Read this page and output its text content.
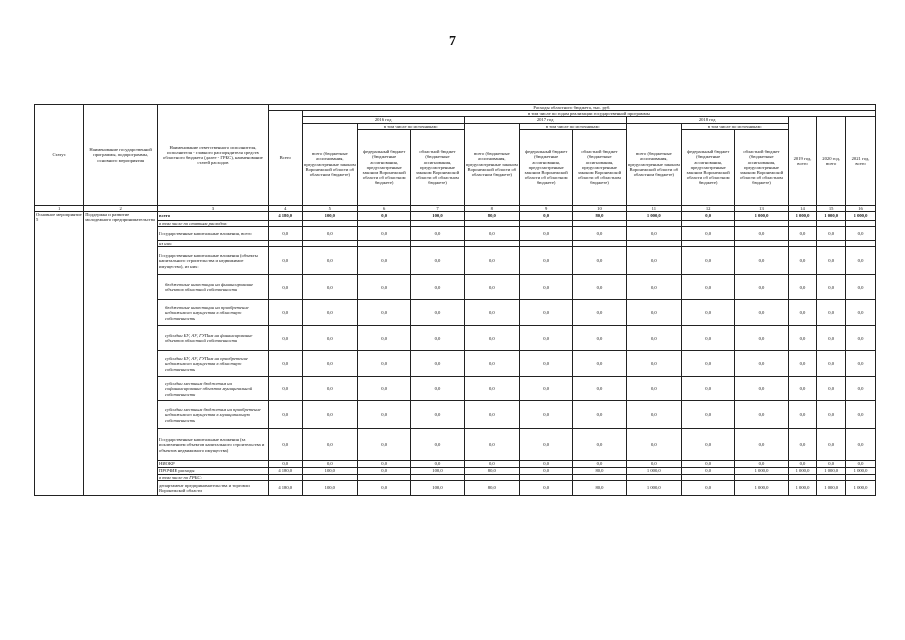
7
Статус	Наименование государственной программы, подпрограммы, основного мероприятия	Наименование ответственного исполнителя, исполнителя - главного распорядителя средств областного бюджета (далее - ГРБС), наименование статей расходов	Расходы областного бюджета, тыс. руб.												
			Всего	в том числе по годам реализации государственной программы											
				2016 год			2017 год			2018 год			2019 год, всего	2020 год, всего	2021 год, всего
				всего (бюджетные ассигнования, предусмотренные законом Воронежской области об областном бюджете)	в том числе по источникам:		всего (бюджетные ассигнования, предусмотренные законом Воронежской области об областном бюджете)	в том числе по источникам:		всего (бюджетные ассигнования, предусмотренные законом Воронежской области об областном бюджете)	в том числе по источникам:				
					федеральный бюджет (бюджетные ассигнования, предусмотренные законом Воронежской области об областном бюджете)	областной бюджет (бюджетные ассигнования, предусмотренные законом Воронежской области об областном бюджете)		федеральный бюджет (бюджетные ассигнования, предусмотренные законом Воронежской области об областном бюджете)	областной бюджет (бюджетные ассигнования, предусмотренные законом Воронежской области об областном бюджете)		федеральный бюджет (бюджетные ассигнования, предусмотренные законом Воронежской области об областном бюджете)	областной бюджет (бюджетные ассигнования, предусмотренные законом Воронежской области об областном бюджете)			
1	2	3	4	5	6	7	8	9	10	11	12	13	14	15	16
Основное мероприятие 5	Поддержка и развитие молодежного предпринимательства	всего	4 180,0	100,0	0,0	100,0	80,0	0,0	80,0	1 000,0	0,0	1 000,0	1 000,0	1 000,0	1 000,0
		в том числе по статьям расходов:													
		Государственные капитальные вложения, всего	0,0	0,0	0,0	0,0	0,0	0,0	0,0	0,0	0,0	0,0	0,0	0,0	0,0
		из них:													
		Государственные капитальные вложения (объекты капитального строительства и недвижимое имущество), из них:	0,0	0,0	0,0	0,0	0,0	0,0	0,0	0,0	0,0	0,0	0,0	0,0	0,0
		бюджетные инвестиции на финансирование объектов областной собственности	0,0	0,0	0,0	0,0	0,0	0,0	0,0	0,0	0,0	0,0	0,0	0,0	0,0
		бюджетные инвестиции на приобретение недвижимого имущества в областную собственность	0,0	0,0	0,0	0,0	0,0	0,0	0,0	0,0	0,0	0,0	0,0	0,0	0,0
		субсидии БУ, АУ, ГУПам на финансирование объектов областной собственности	0,0	0,0	0,0	0,0	0,0	0,0	0,0	0,0	0,0	0,0	0,0	0,0	0,0
		субсидии БУ, АУ, ГУПам на приобретение недвижимого имущества в областную собственность	0,0	0,0	0,0	0,0	0,0	0,0	0,0	0,0	0,0	0,0	0,0	0,0	0,0
		субсидии местным бюджетам на софинансирование объектов муниципальной собственности	0,0	0,0	0,0	0,0	0,0	0,0	0,0	0,0	0,0	0,0	0,0	0,0	0,0
		субсидии местным бюджетам на приобретение недвижимого имущества в муниципальную собственность	0,0	0,0	0,0	0,0	0,0	0,0	0,0	0,0	0,0	0,0	0,0	0,0	0,0
		Государственные капитальные вложения (за исключением объектов капитального строительства и объектов недвижимого имущества)	0,0	0,0	0,0	0,0	0,0	0,0	0,0	0,0	0,0	0,0	0,0	0,0	0,0
		НИОКР	0,0	0,0	0,0	0,0	0,0	0,0	0,0	0,0	0,0	0,0	0,0	0,0	0,0
		ПРОЧИЕ расходы	4 180,0	100,0	0,0	100,0	80,0	0,0	80,0	1 000,0	0,0	1 000,0	1 000,0	1 000,0	1 000,0
		в том числе по ГРБС:													
		департамент предпринимательства и торговли Воронежской области	4 180,0	100,0	0,0	100,0	80,0	0,0	80,0	1 000,0	0,0	1 000,0	1 000,0	1 000,0	1 000,0
